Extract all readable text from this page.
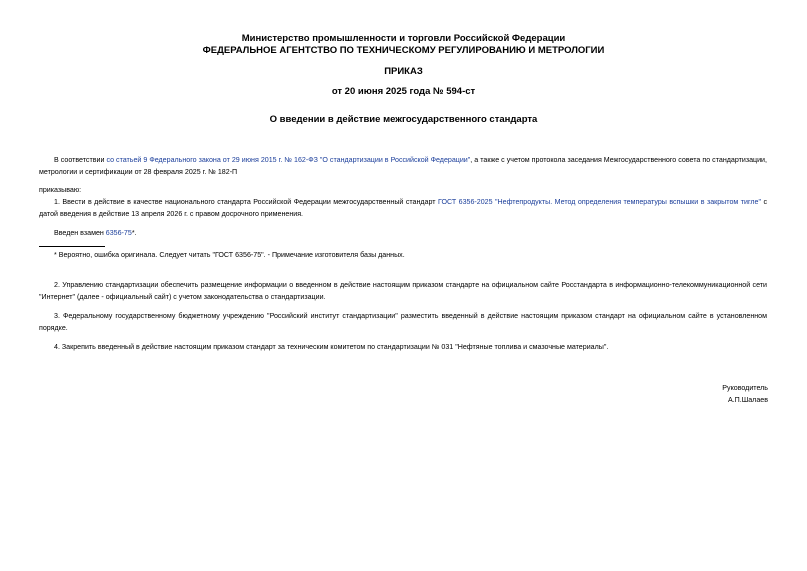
Министерство промышленности и торговли Российской Федерации
ФЕДЕРАЛЬНОЕ АГЕНТСТВО ПО ТЕХНИЧЕСКОМУ РЕГУЛИРОВАНИЮ И МЕТРОЛОГИИ
ПРИКАЗ
от 20 июня 2025 года № 594-ст
О введении в действие межгосударственного стандарта
В соответствии со статьей 9 Федерального закона от 29 июня 2015 г. № 162-ФЗ "О стандартизации в Российской Федерации", а также с учетом протокола заседания Межгосударственного совета по стандартизации, метрологии и сертификации от 28 февраля 2025 г. № 182-П
приказываю:
1. Ввести в действие в качестве национального стандарта Российской Федерации межгосударственный стандарт ГОСТ 6356-2025 "Нефтепродукты. Метод определения температуры вспышки в закрытом тигле" с датой введения в действие 13 апреля 2026 г. с правом досрочного применения.
Введен взамен 6356-75*.
* Вероятно, ошибка оригинала. Следует читать "ГОСТ 6356-75". - Примечание изготовителя базы данных.
2. Управлению стандартизации обеспечить размещение информации о введенном в действие настоящим приказом стандарте на официальном сайте Росстандарта в информационно-телекоммуникационной сети "Интернет" (далее - официальный сайт) с учетом законодательства о стандартизации.
3. Федеральному государственному бюджетному учреждению "Российский институт стандартизации" разместить введенный в действие настоящим приказом стандарт на официальном сайте в установленном порядке.
4. Закрепить введенный в действие настоящим приказом стандарт за техническим комитетом по стандартизации № 031 "Нефтяные топлива и смазочные материалы".
Руководитель
А.П.Шалаев
